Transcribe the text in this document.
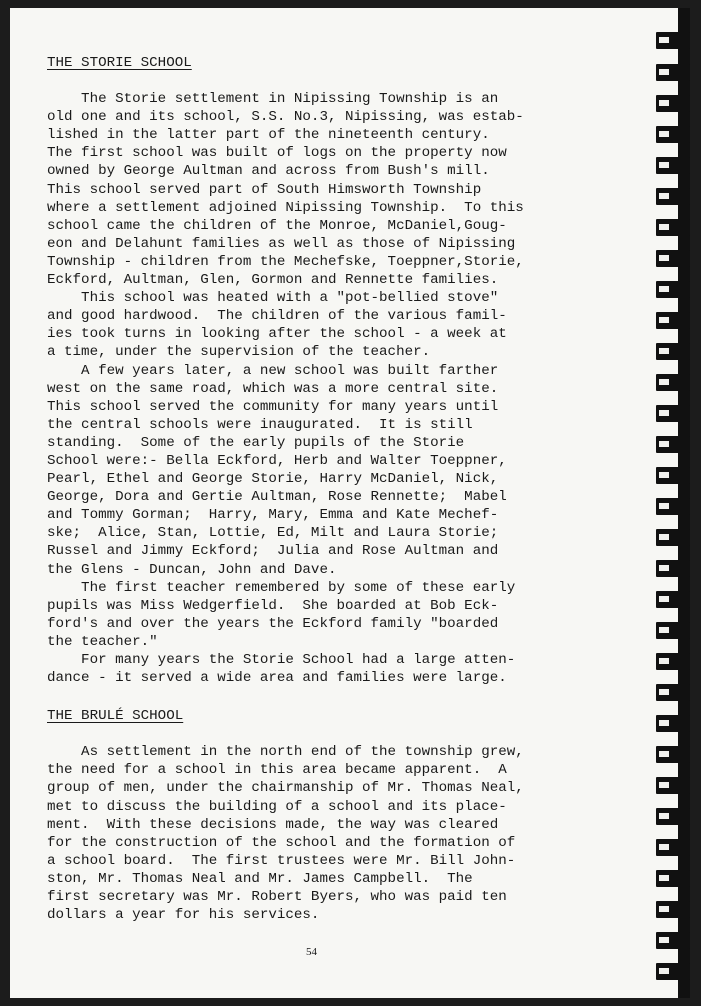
THE STORIE SCHOOL

The Storie settlement in Nipissing Township is an
old one and its school, S.S. No.3, Nipissing, was estab-
lished in the latter part of the nineteenth century.
The first school was built of logs on the property now
owned by George Aultman and across from Bush's mill.
This school served part of South Himsworth Township
where a settlement adjoined Nipissing Township.  To this
school came the children of the Monroe, McDaniel,Goug-
eon and Delahunt families as well as those of Nipissing
Township - children from the Mechefske, Toeppner,Storie,
Eckford, Aultman, Glen, Gormon and Rennette families.

This school was heated with a "pot-bellied stove"
and good hardwood.  The children of the various famil-
ies took turns in looking after the school - a week at
a time, under the supervision of the teacher.

A few years later, a new school was built farther
west on the same road, which was a more central site.
This school served the community for many years until
the central schools were inaugurated.  It is still
standing.  Some of the early pupils of the Storie
School were:- Bella Eckford, Herb and Walter Toeppner,
Pearl, Ethel and George Storie, Harry McDaniel, Nick,
George, Dora and Gertie Aultman, Rose Rennette;  Mabel
and Tommy Gorman;  Harry, Mary, Emma and Kate Mechef-
ske;  Alice, Stan, Lottie, Ed, Milt and Laura Storie;
Russel and Jimmy Eckford;  Julia and Rose Aultman and
the Glens - Duncan, John and Dave.

The first teacher remembered by some of these early
pupils was Miss Wedgerfield.  She boarded at Bob Eck-
ford's and over the years the Eckford family "boarded
the teacher."

For many years the Storie School had a large atten-
dance - it served a wide area and families were large.

THE BRULÉ SCHOOL

As settlement in the north end of the township grew,
the need for a school in this area became apparent.  A
group of men, under the chairmanship of Mr. Thomas Neal,
met to discuss the building of a school and its place-
ment.  With these decisions made, the way was cleared
for the construction of the school and the formation of
a school board.  The first trustees were Mr. Bill John-
ston, Mr. Thomas Neal and Mr. James Campbell.  The
first secretary was Mr. Robert Byers, who was paid ten
dollars a year for his services.

54
